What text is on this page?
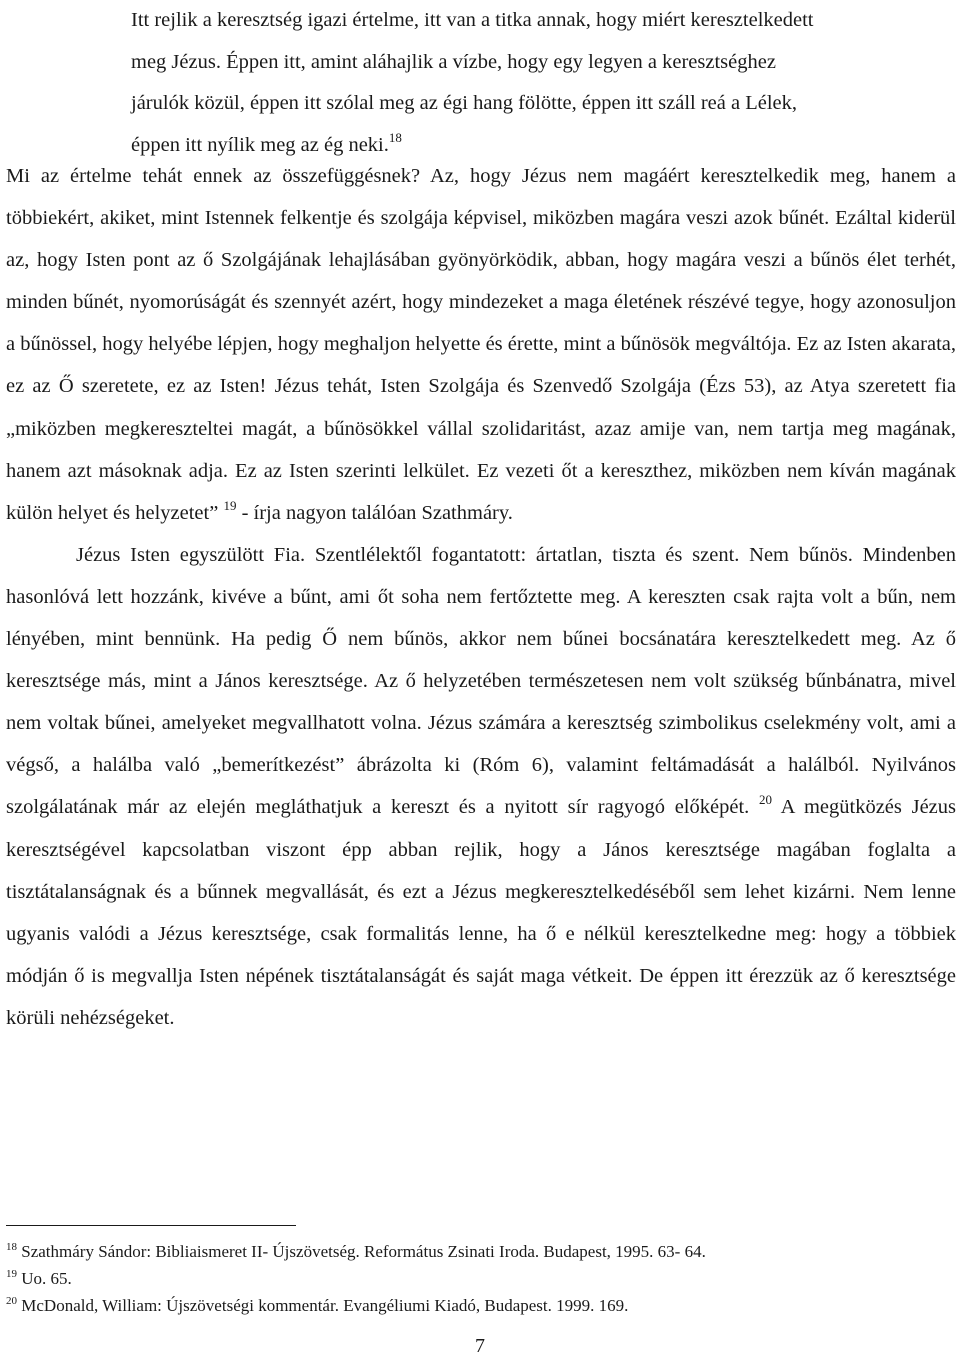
Itt rejlik a keresztség igazi értelme, itt van a titka annak, hogy miért keresztelkedett meg Jézus. Éppen itt, amint aláhajlik a vízbe, hogy egy legyen a keresztséghez járulók közül, éppen itt szólal meg az égi hang fölötte, éppen itt száll reá a Lélek, éppen itt nyílik meg az ég neki.$^{18}$

Mi az értelme tehát ennek az összefüggésnek? Az, hogy Jézus nem magáért keresztelkedik meg, hanem a többiekért, akiket, mint Istennek felkentje és szolgája képvisel, miközben magára veszi azok bűnét. Ezáltal kiderül az, hogy Isten pont az ő Szolgájának lehajlásában gyönyörködik, abban, hogy magára veszi a bűnös élet terhét, minden bűnét, nyomorúságát és szennyét azért, hogy mindezeket a maga életének részévé tegye, hogy azonosuljon a bűnössel, hogy helyébe lépjen, hogy meghaljon helyette és érette, mint a bűnösök megváltója. Ez az Isten akarata, ez az Ő szeretete, ez az Isten! Jézus tehát, Isten Szolgája és Szenvedő Szolgája (Ézs 53), az Atya szeretett fia „miközben megkereszteltei magát, a bűnösökkel vállal szolidaritást, azaz amije van, nem tartja meg magának, hanem azt másoknak adja. Ez az Isten szerinti lelkület. Ez vezeti őt a kereszthez, miközben nem kíván magának külön helyet és helyzetet” $^{19}$ - írja nagyon találóan Szathmáry.

Jézus Isten egyszülött Fia. Szentlélektől fogantatott: ártatlan, tiszta és szent. Nem bűnös. Mindenben hasonlóvá lett hozzánk, kivéve a bűnt, ami őt soha nem fertőztette meg. A kereszten csak rajta volt a bűn, nem lényében, mint bennünk. Ha pedig Ő nem bűnös, akkor nem bűnei bocsánatára keresztelkedett meg. Az ő keresztsége más, mint a János keresztsége. Az ő helyzetében természetesen nem volt szükség bűnbánatra, mivel nem voltak bűnei, amelyeket megvallhatott volna. Jézus számára a keresztség szimbolikus cselekmény volt, ami a végső, a halálba való „bemerítkezést” ábrázolta ki (Róm 6), valamint feltámadását a halálból. Nyilvános szolgálatának már az elején megláthatjuk a kereszt és a nyitott sír ragyogó előképét. $^{20}$ A megütközés Jézus keresztségével kapcsolatban viszont épp abban rejlik, hogy a János keresztsége magában foglalta a tisztátalanságnak és a bűnnek megvallását, és ezt a Jézus megkeresztelkedéséből sem lehet kizárni. Nem lenne ugyanis valódi a Jézus keresztsége, csak formalitás lenne, ha ő e nélkül keresztelkedne meg: hogy a többiek módján ő is megvallja Isten népének tisztátalanságát és saját maga vétkeit. De éppen itt érezzük az ő keresztsége körüli nehézségeket.

$^{18}$ Szathmáry Sándor: Bibliaismeret II- Újszövetség. Református Zsinati Iroda. Budapest, 1995. 63- 64.
$^{19}$ Uo. 65.
$^{20}$ McDonald, William: Újszövetségi kommentár. Evangéliumi Kiadó, Budapest. 1999. 169.
7
